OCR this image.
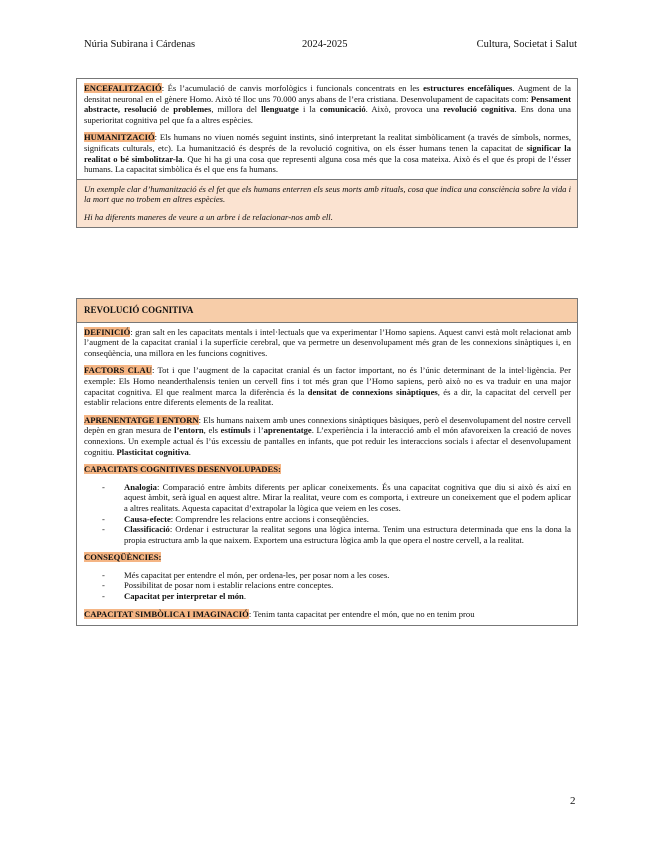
Núria Subirana i Cárdenas	2024-2025	Cultura, Societat i Salut

ENCEFALITZACIÓ: És l’acumulació de canvis morfològics i funcionals concentrats en les estructures encefàliques. Augment de la densitat neuronal en el gènere Homo. Això té lloc uns 70.000 anys abans de l’era cristiana. Desenvolupament de capacitats com: Pensament abstracte, resolució de problemes, millora del llenguatge i la comunicació. Això, provoca una revolució cognitiva. Ens dona una superioritat cognitiva pel que fa a altres espècies.

HUMANITZACIÓ: Els humans no viuen només seguint instints, sinó interpretant la realitat simbòlicament (a través de símbols, normes, significats culturals, etc). La humanització és després de la revolució cognitiva, on els ésser humans tenen la capacitat de significar la realitat o bé simbolitzar-la. Que hi ha gi una cosa que representi alguna cosa més que la cosa mateixa. Això és el que és propi de l’ésser humans. La capacitat simbòlica és el que ens fa humans.

Un exemple clar d’humanització és el fet que els humans enterren els seus morts amb rituals, cosa que indica una consciència sobre la vida i la mort que no trobem en altres espècies.

Hi ha diferents maneres de veure a un arbre i de relacionar-nos amb ell.

REVOLUCIÓ COGNITIVA

DEFINICIÓ: gran salt en les capacitats mentals i intel·lectuals que va experimentar l’Homo sapiens. Aquest canvi està molt relacionat amb l’augment de la capacitat cranial i la superfície cerebral, que va permetre un desenvolupament més gran de les connexions sinàptiques i, en conseqüència, una millora en les funcions cognitives.

FACTORS CLAU: Tot i que l’augment de la capacitat cranial és un factor important, no és l’únic determinant de la intel·ligència. Per exemple: Els Homo neanderthalensis tenien un cervell fins i tot més gran que l’Homo sapiens, però això no es va traduir en una major capacitat cognitiva. El que realment marca la diferència és la densitat de connexions sinàptiques, és a dir, la capacitat del cervell per establir relacions entre diferents elements de la realitat.

APRENENTATGE I ENTORN: Els humans naixem amb unes connexions sinàptiques bàsiques, però el desenvolupament del nostre cervell depèn en gran mesura de l’entorn, els estímuls i l’aprenentatge. L’experiència i la interacció amb el món afavoreixen la creació de noves connexions. Un exemple actual és l’ús excessiu de pantalles en infants, que pot reduir les interaccions socials i afectar el desenvolupament cognitiu. Plasticitat cognitiva.

CAPACITATS COGNITIVES DESENVOLUPADES:

- Analogia: Comparació entre àmbits diferents per aplicar coneixements. És una capacitat cognitiva que diu si això és així en aquest àmbit, serà igual en aquest altre. Mirar la realitat, veure com es comporta, i extreure un coneixement que el podem aplicar a altres realitats. Aquesta capacitat d’extrapolar la lògica que veiem en les coses.
- Causa-efecte: Comprendre les relacions entre accions i conseqüències.
- Classificació: Ordenar i estructurar la realitat segons una lògica interna. Tenim una estructura determinada que ens la dona la propia estructura amb la que naixem. Exportem una estructura lògica amb la que opera el nostre cervell, a la realitat.

CONSEQÜÈNCIES:

- Més capacitat per entendre el món, per ordena-les, per posar nom a les coses.
- Possibilitat de posar nom i establir relacions entre conceptes.
- Capacitat per interpretar el món.

CAPACITAT SIMBÒLICA I IMAGINACIÓ: Tenim tanta capacitat per entendre el món, que no en tenim prou

2
